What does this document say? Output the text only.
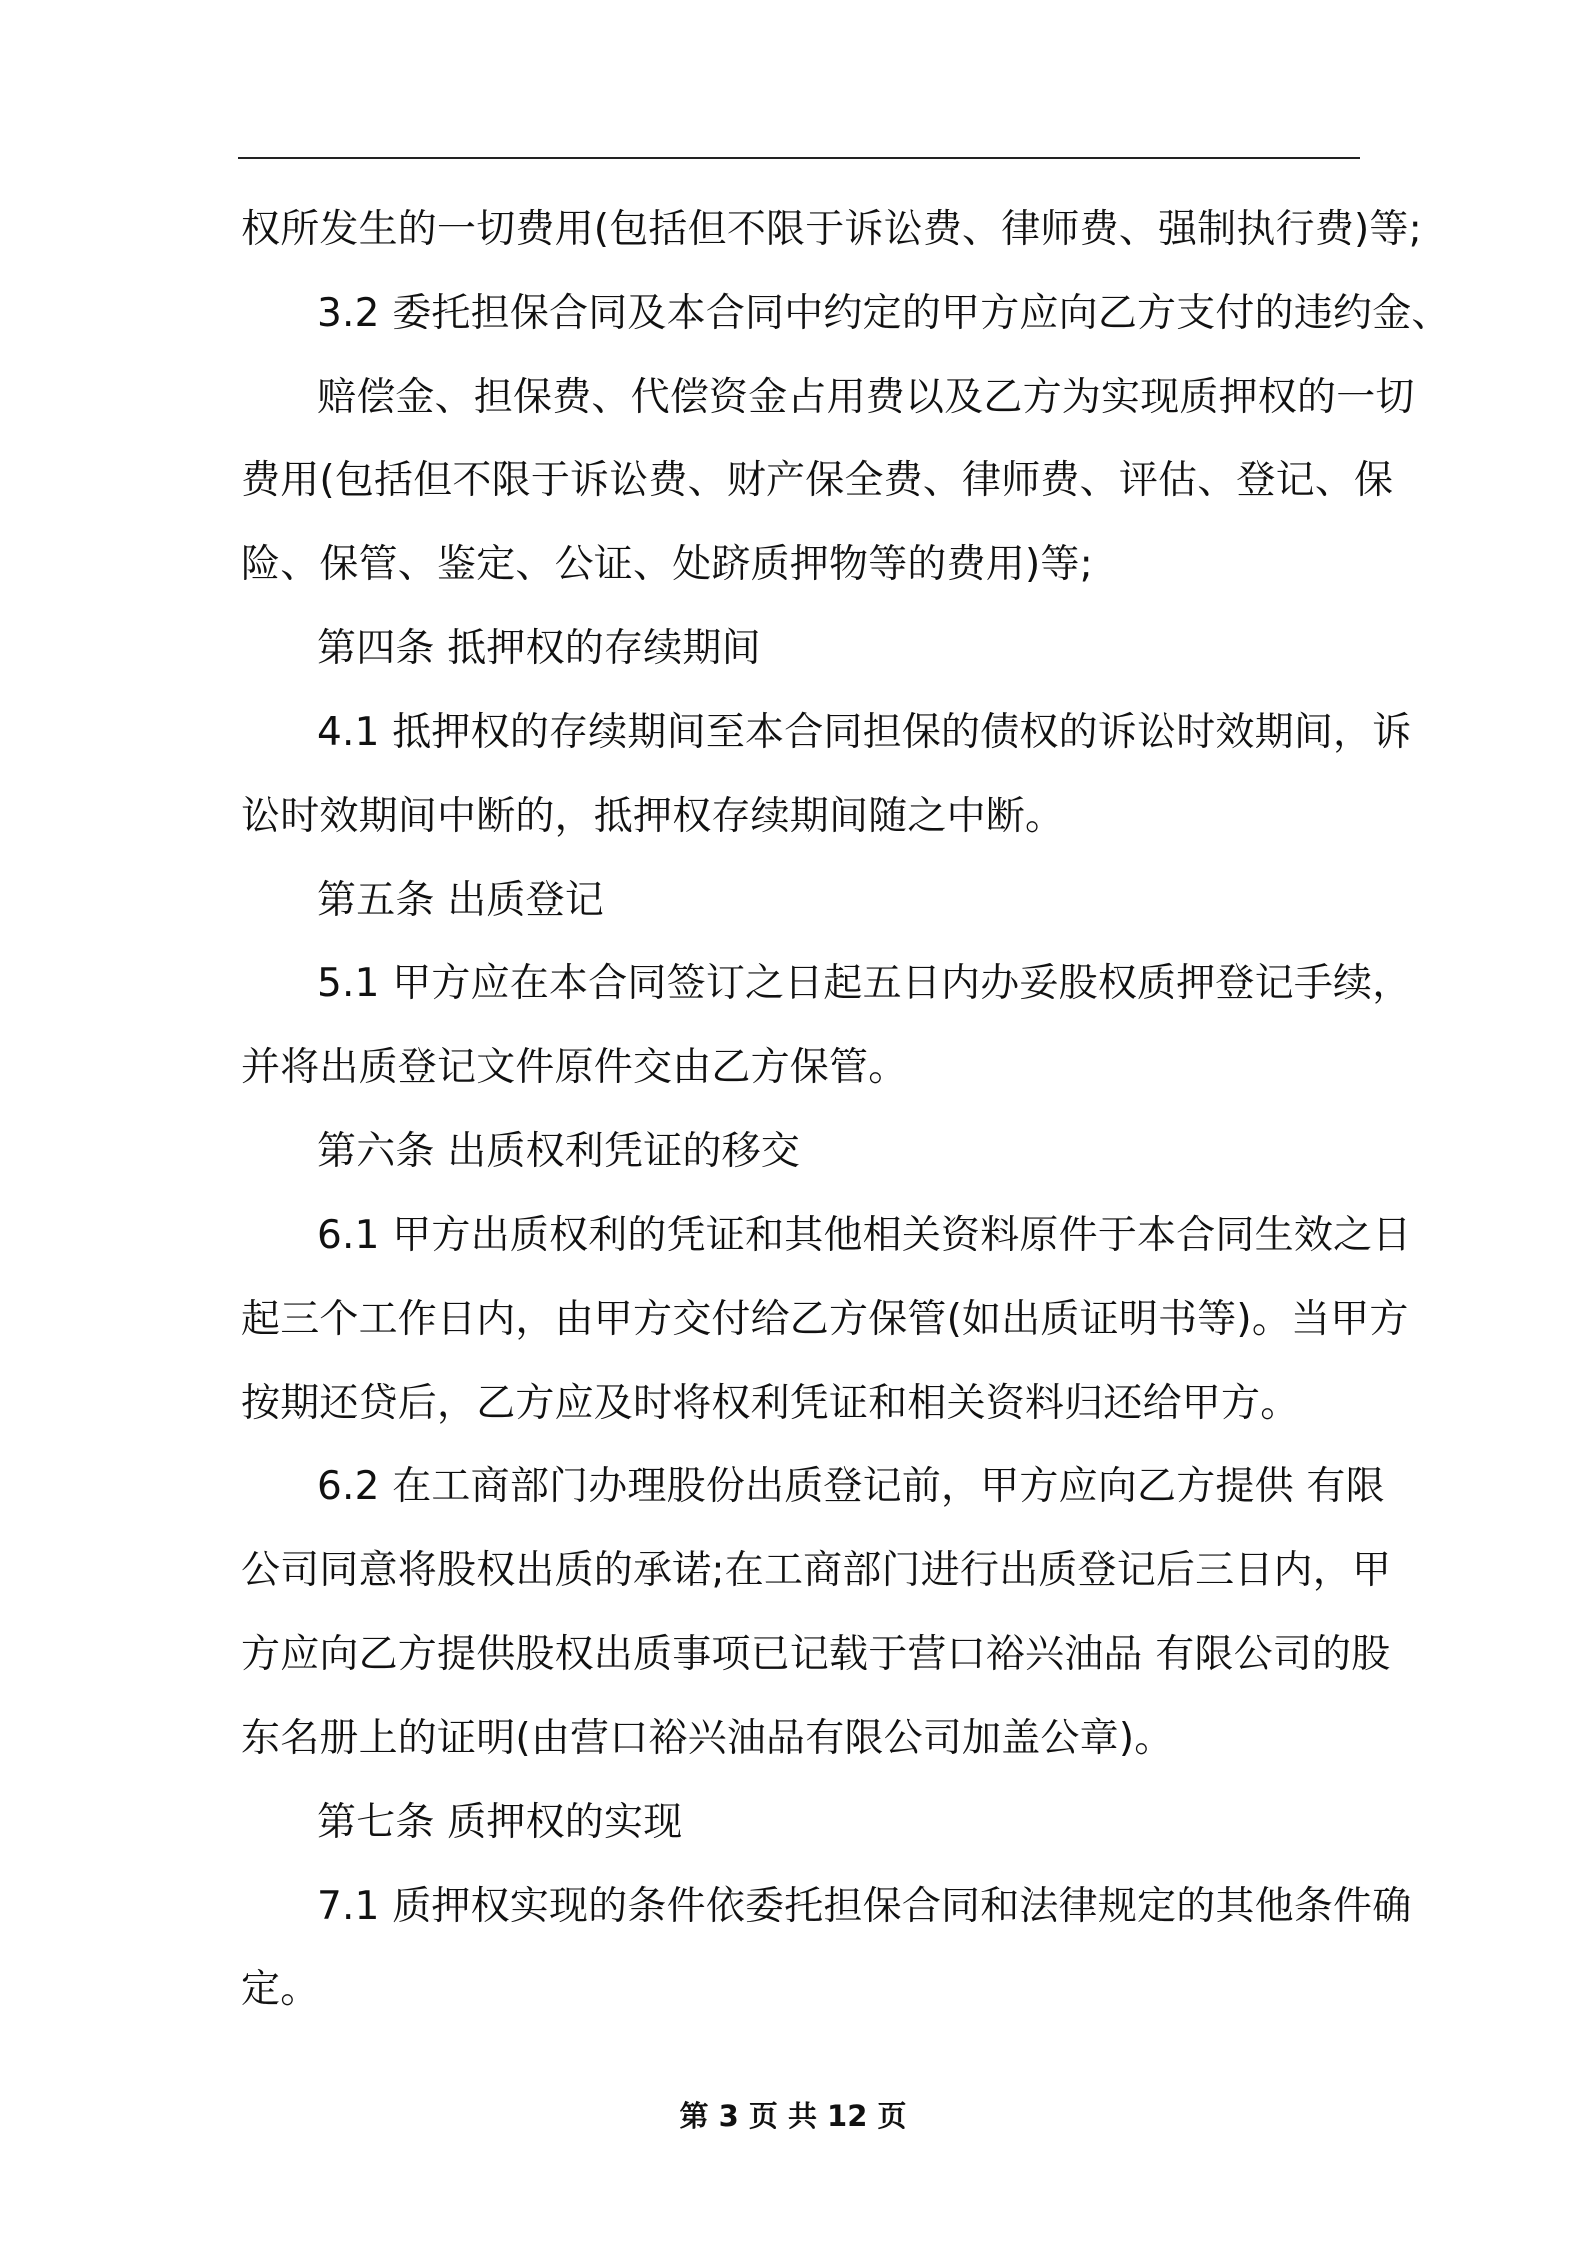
权所发生的一切费用(包括但不限于诉讼费、律师费、强制执行费)等;

3.2 委托担保合同及本合同中约定的甲方应向乙方支付的违约金、

赔偿金、担保费、代偿资金占用费以及乙方为实现质押权的一切

费用(包括但不限于诉讼费、财产保全费、律师费、评估、登记、保

险、保管、鉴定、公证、处跻质押物等的费用)等;

第四条 抵押权的存续期间

4.1 抵押权的存续期间至本合同担保的债权的诉讼时效期间，诉

讼时效期间中断的，抵押权存续期间随之中断。

第五条 出质登记

5.1 甲方应在本合同签订之日起五日内办妥股权质押登记手续，

并将出质登记文件原件交由乙方保管。

第六条 出质权利凭证的移交

6.1 甲方出质权利的凭证和其他相关资料原件于本合同生效之日

起三个工作日内，由甲方交付给乙方保管(如出质证明书等)。当甲方

按期还贷后，乙方应及时将权利凭证和相关资料归还给甲方。

6.2 在工商部门办理股份出质登记前，甲方应向乙方提供 有限

公司同意将股权出质的承诺;在工商部门进行出质登记后三日内，甲

方应向乙方提供股权出质事项已记载于营口裕兴油品 有限公司的股

东名册上的证明(由营口裕兴油品有限公司加盖公章)。

第七条 质押权的实现

7.1 质押权实现的条件依委托担保合同和法律规定的其他条件确

定。

第 3 页 共 12 页
